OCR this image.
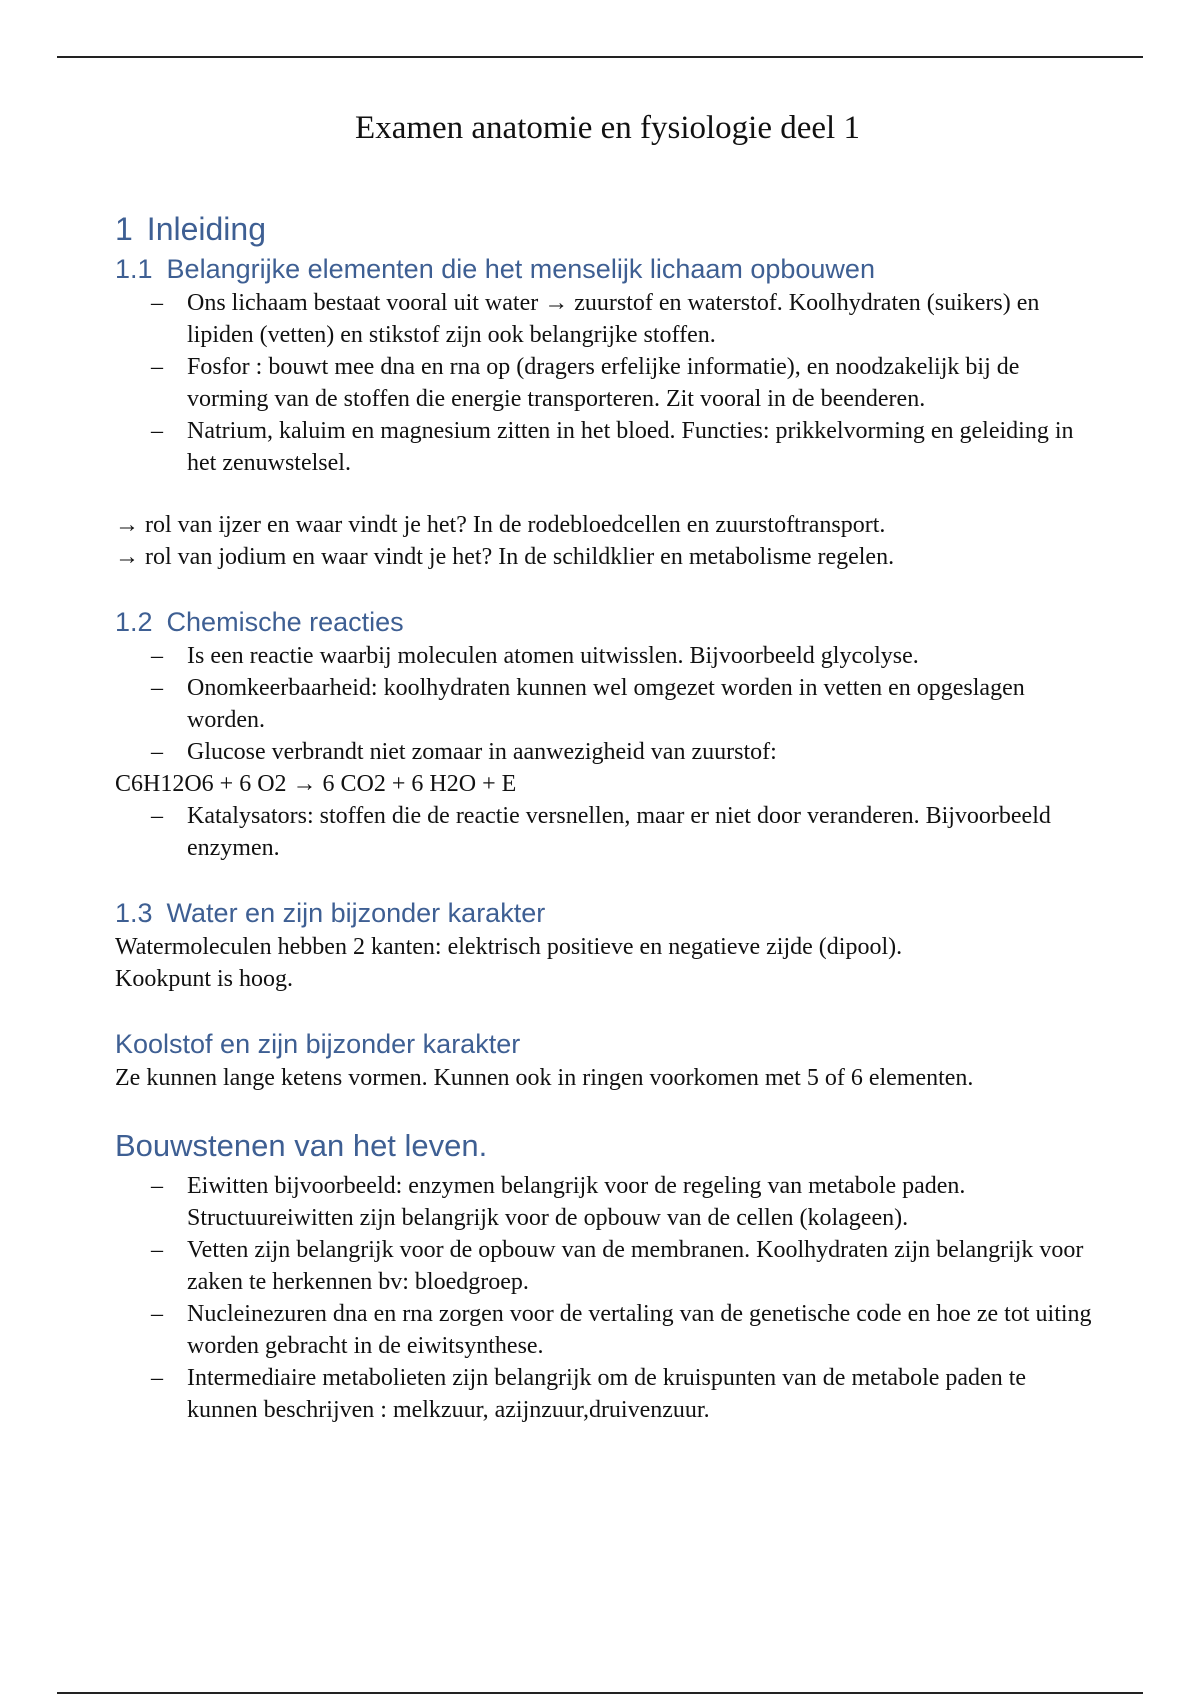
Examen anatomie en fysiologie deel 1
1 Inleiding
1.1 Belangrijke elementen die het menselijk lichaam opbouwen
– Ons lichaam bestaat vooral uit water → zuurstof en waterstof. Koolhydraten (suikers) en lipiden (vetten) en stikstof zijn ook belangrijke stoffen.
– Fosfor : bouwt mee dna en rna op (dragers erfelijke informatie), en noodzakelijk bij de vorming van de stoffen die energie transporteren. Zit vooral in de beenderen.
– Natrium, kaluim en magnesium zitten in het bloed. Functies: prikkelvorming en geleiding in het zenuwstelsel.

→ rol van ijzer en waar vindt je het? In de rodebloedcellen en zuurstoftransport.

→ rol van jodium en waar vindt je het? In de schildklier en metabolisme regelen.

1.2 Chemische reacties
– Is een reactie waarbij moleculen atomen uitwisslen. Bijvoorbeeld glycolyse.
– Onomkeerbaarheid: koolhydraten kunnen wel omgezet worden in vetten en opgeslagen worden.
– Glucose verbrandt niet zomaar in aanwezigheid van zuurstof:

C6H12O6 + 6 O2 → 6 CO2 + 6 H2O + E

– Katalysators: stoffen die de reactie versnellen, maar er niet door veranderen. Bijvoorbeeld enzymen.
1.3 Water en zijn bijzonder karakter

Watermoleculen hebben 2 kanten: elektrisch positieve en negatieve zijde (dipool).

Kookpunt is hoog.

Koolstof en zijn bijzonder karakter

Ze kunnen lange ketens vormen. Kunnen ook in ringen voorkomen met 5 of 6 elementen.

Bouwstenen van het leven.
– Eiwitten bijvoorbeeld: enzymen belangrijk voor de regeling van metabole paden. Structuureiwitten zijn belangrijk voor de opbouw van de cellen (kolageen).
– Vetten zijn belangrijk voor de opbouw van de membranen. Koolhydraten zijn belangrijk voor zaken te herkennen bv: bloedgroep.
– Nucleinezuren dna en rna zorgen voor de vertaling van de genetische code en hoe ze tot uiting worden gebracht in de eiwitsynthese.
– Intermediaire metabolieten zijn belangrijk om de kruispunten van de metabole paden te kunnen beschrijven : melkzuur, azijnzuur,druivenzuur.
